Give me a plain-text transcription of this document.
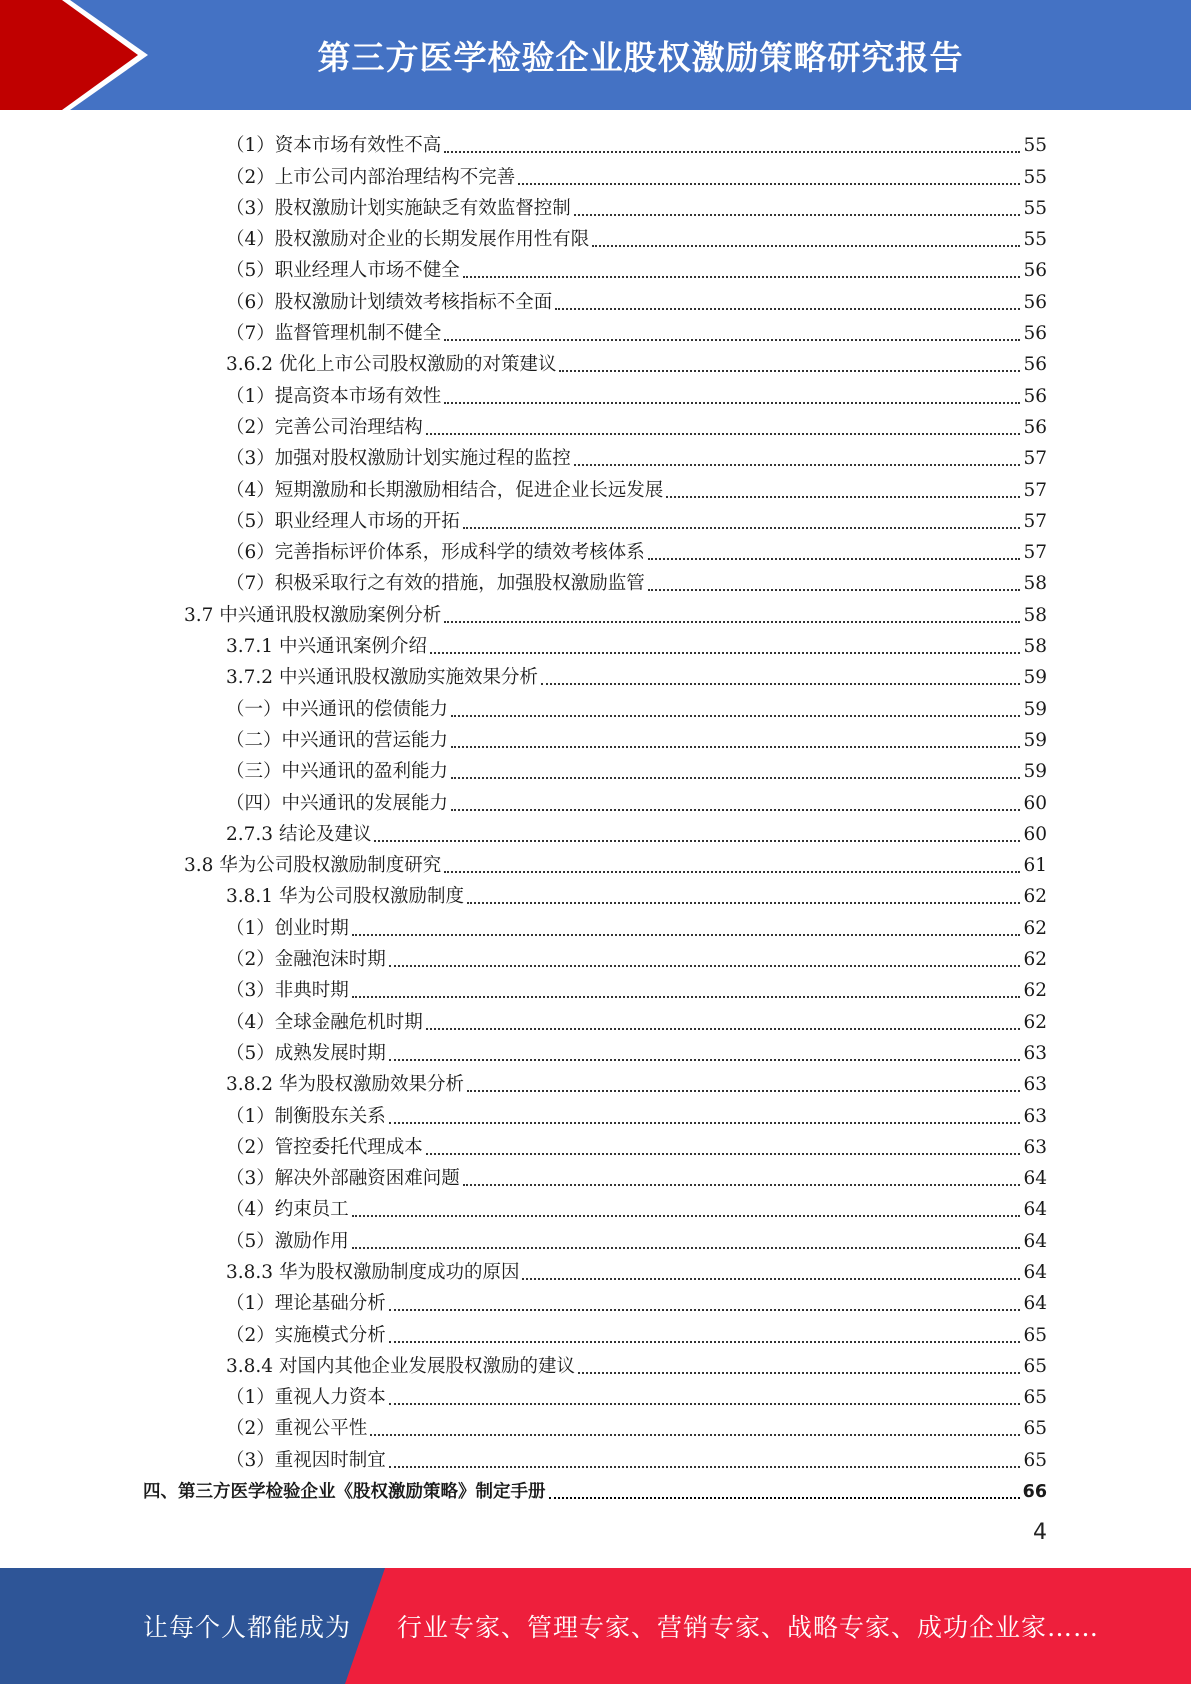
第三方医学检验企业股权激励策略研究报告
（1）资本市场有效性不高	55
（2）上市公司内部治理结构不完善	55
（3）股权激励计划实施缺乏有效监督控制	55
（4）股权激励对企业的长期发展作用性有限	55
（5）职业经理人市场不健全	56
（6）股权激励计划绩效考核指标不全面	56
（7）监督管理机制不健全	56
3.6.2 优化上市公司股权激励的对策建议	56
（1）提高资本市场有效性	56
（2）完善公司治理结构	56
（3）加强对股权激励计划实施过程的监控	57
（4）短期激励和长期激励相结合，促进企业长远发展	57
（5）职业经理人市场的开拓	57
（6）完善指标评价体系，形成科学的绩效考核体系	57
（7）积极采取行之有效的措施，加强股权激励监管	58
3.7 中兴通讯股权激励案例分析	58
3.7.1 中兴通讯案例介绍	58
3.7.2 中兴通讯股权激励实施效果分析	59
（一）中兴通讯的偿债能力	59
（二）中兴通讯的营运能力	59
（三）中兴通讯的盈利能力	59
（四）中兴通讯的发展能力	60
2.7.3 结论及建议	60
3.8 华为公司股权激励制度研究	61
3.8.1 华为公司股权激励制度	62
（1）创业时期	62
（2）金融泡沫时期	62
（3）非典时期	62
（4）全球金融危机时期	62
（5）成熟发展时期	63
3.8.2 华为股权激励效果分析	63
（1）制衡股东关系	63
（2）管控委托代理成本	63
（3）解决外部融资困难问题	64
（4）约束员工	64
（5）激励作用	64
3.8.3 华为股权激励制度成功的原因	64
（1）理论基础分析	64
（2）实施模式分析	65
3.8.4 对国内其他企业发展股权激励的建议	65
（1）重视人力资本	65
（2）重视公平性	65
（3）重视因时制宜	65
四、第三方医学检验企业《股权激励策略》制定手册	66
4
让每个人都能成为 行业专家、管理专家、营销专家、战略专家、成功企业家……
